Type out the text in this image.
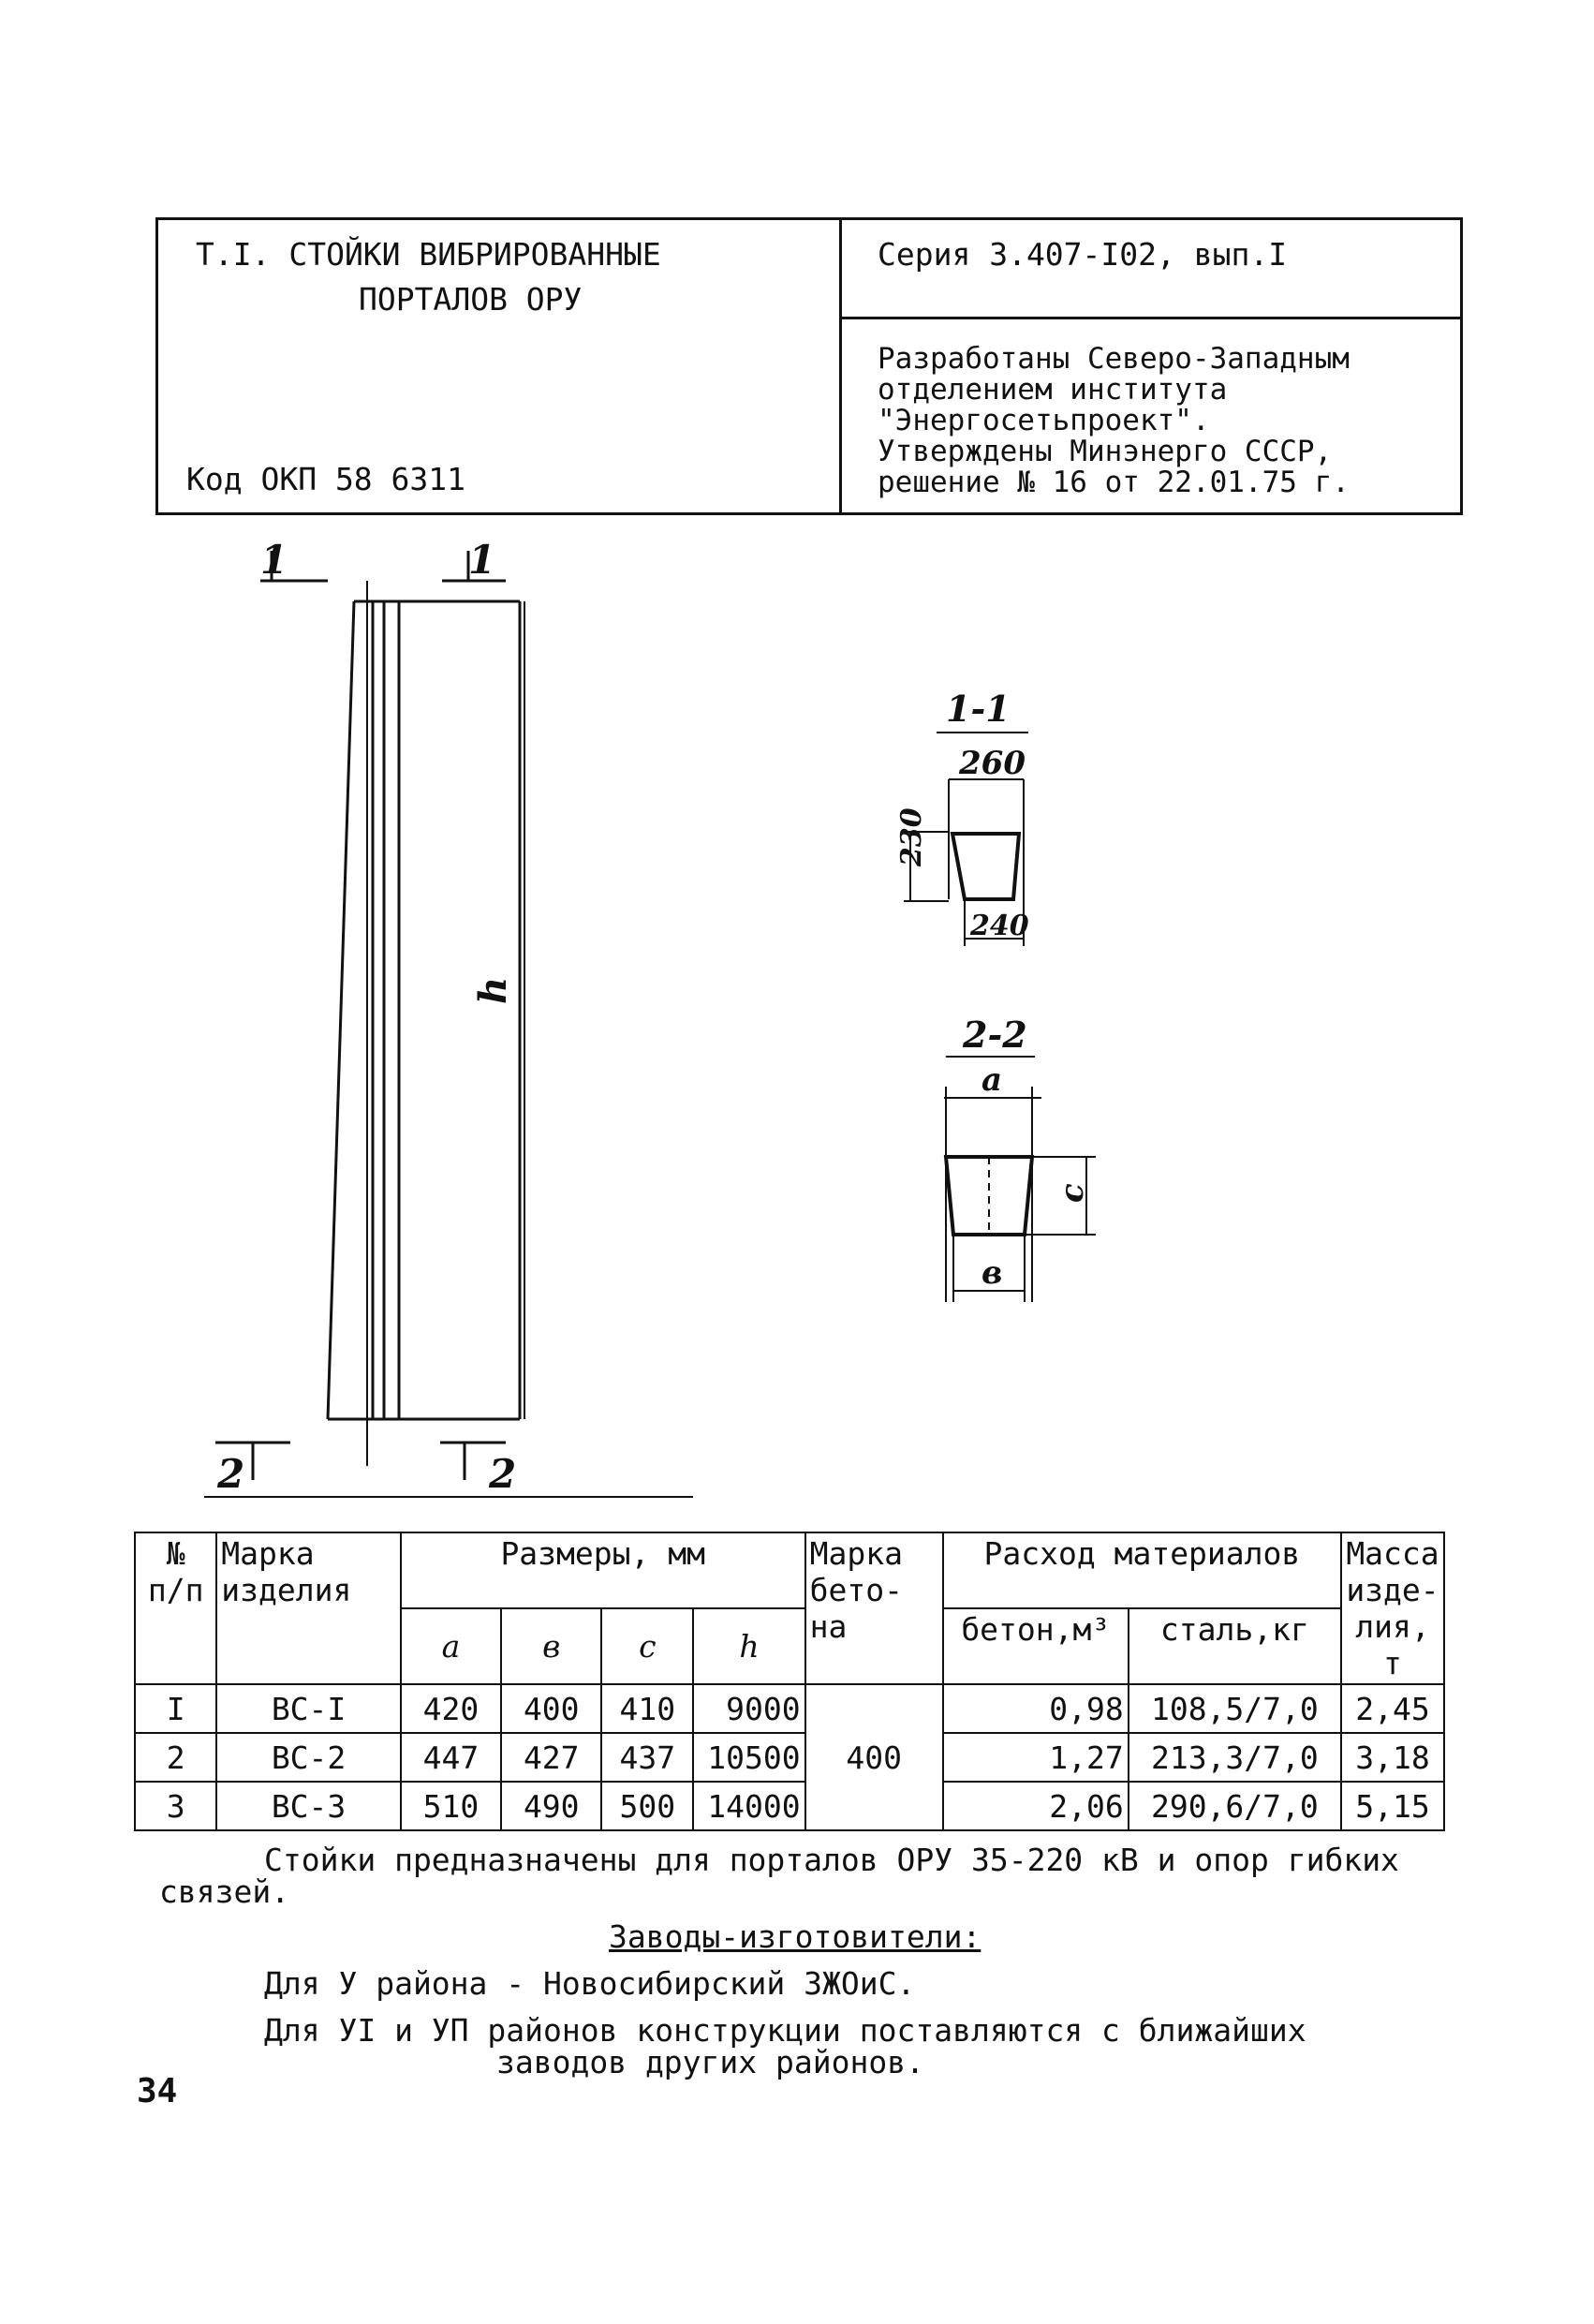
Т.I. СТОЙКИ ВИБРИРОВАННЫЕ
ПОРТАЛОВ ОРУ
Код ОКП 58 6311
Серия 3.407-I02, вып.I
Разработаны Северо-Западным
отделением института
"Энергосетьпроект".
Утверждены Минэнерго СССР,
решение № 16 от 22.01.75 г.
1	1
h
2	2
1-1
260
230
240
2-2
a
c
в
№ п/п	Марка изделия	Размеры, мм				Марка бето-на	Расход материалов		Масса изде-лия, т
		a	в	c	h		бетон,м³	сталь,кг	
I	ВС-I	420	400	410	9000	400	0,98	108,5/7,0	2,45
2	ВС-2	447	427	437	10500		1,27	213,3/7,0	3,18
3	ВС-3	510	490	500	14000		2,06	290,6/7,0	5,15
Стойки предназначены для порталов ОРУ 35-220 кВ и опор гибких
связей.
Заводы-изготовители:
Для У района - Новосибирский ЗЖОиС.
Для УI и УП районов конструкции поставляются с ближайших
заводов других районов.
34
